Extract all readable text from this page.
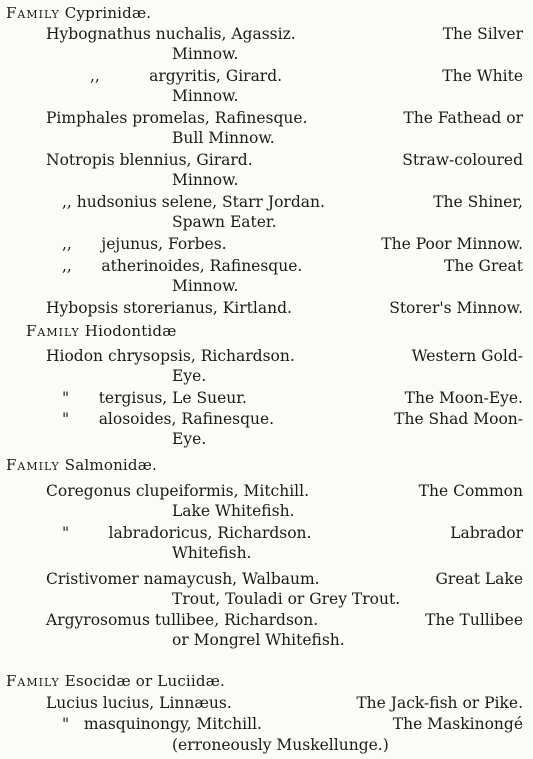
Family Cyprinidæ.
Hybognathus nuchalis, Agassiz.	The Silver
Minnow.
,,          argyritis, Girard.	The White
Minnow.
Pimphales promelas, Rafinesque.	The Fathead or
Bull Minnow.
Notropis blennius, Girard.	Straw-coloured
Minnow.
,, hudsonius selene, Starr Jordan.	The Shiner,
Spawn Eater.
,,      jejunus, Forbes.	The Poor Minnow.
,,      atherinoides, Rafinesque.	The Great
Minnow.
Hybopsis storerianus, Kirtland.	Storer's Minnow.
Family Hiodontidæ
Hiodon chrysopsis, Richardson.	Western Gold-
Eye.
"      tergisus, Le Sueur.	The Moon-Eye.
"      alosoides, Rafinesque.	The Shad Moon-
Eye.
Family Salmonidæ.
Coregonus clupeiformis, Mitchill.	The Common
Lake Whitefish.
"        labradoricus, Richardson.	Labrador
Whitefish.
Cristivomer namaycush, Walbaum.	Great Lake
Trout, Touladi or Grey Trout.
Argyrosomus tullibee, Richardson.	The Tullibee
or Mongrel Whitefish.
Family Esocidæ or Luciidæ.
Lucius lucius, Linnæus.	The Jack-fish or Pike.
"   masquinongy, Mitchill.	The Maskinongé
(erroneously Muskellunge.)
